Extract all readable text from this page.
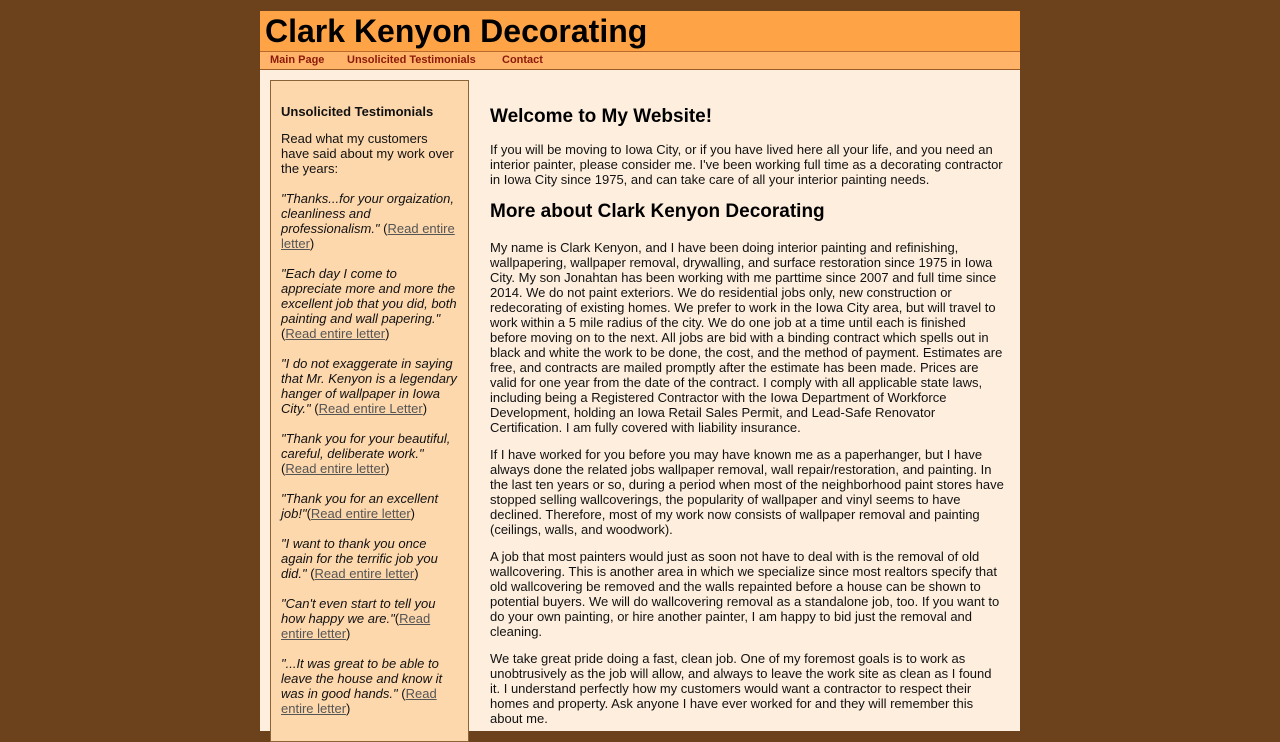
Clark Kenyon Decorating
Main Page Unsolicited Testimonials Contact
Unsolicited Testimonials

Read what my customers have said about my work over the years:

"Thanks...for your orgaization, cleanliness and professionalism." (Read entire letter)

"Each day I come to appreciate more and more the excellent job that you did, both painting and wall papering." (Read entire letter)

"I do not exaggerate in saying that Mr. Kenyon is a legendary hanger of wallpaper in Iowa City." (Read entire Letter)

"Thank you for your beautiful, careful, deliberate work." (Read entire letter)

"Thank you for an excellent job!"(Read entire letter)

"I want to thank you once again for the terrific job you did." (Read entire letter)

"Can't even start to tell you how happy we are."(Read entire letter)

"...It was great to be able to leave the house and know it was in good hands." (Read entire letter)

Welcome to My Website!

If you will be moving to Iowa City, or if you have lived here all your life, and you need an interior painter, please consider me. I've been working full time as a decorating contractor in Iowa City since 1975, and can take care of all your interior painting needs.

More about Clark Kenyon Decorating

My name is Clark Kenyon, and I have been doing interior painting and refinishing, wallpapering, wallpaper removal, drywalling, and surface restoration since 1975 in Iowa City. My son Jonahtan has been working with me parttime since 2007 and full time since 2014. We do not paint exteriors. We do residential jobs only, new construction or redecorating of existing homes. We prefer to work in the Iowa City area, but will travel to work within a 5 mile radius of the city. We do one job at a time until each is finished before moving on to the next. All jobs are bid with a binding contract which spells out in black and white the work to be done, the cost, and the method of payment. Estimates are free, and contracts are mailed promptly after the estimate has been made. Prices are valid for one year from the date of the contract. I comply with all applicable state laws, including being a Registered Contractor with the Iowa Department of Workforce Development, holding an Iowa Retail Sales Permit, and Lead-Safe Renovator Certification. I am fully covered with liability insurance.

If I have worked for you before you may have known me as a paperhanger, but I have always done the related jobs wallpaper removal, wall repair/restoration, and painting. In the last ten years or so, during a period when most of the neighborhood paint stores have stopped selling wallcoverings, the popularity of wallpaper and vinyl seems to have declined. Therefore, most of my work now consists of wallpaper removal and painting (ceilings, walls, and woodwork).

A job that most painters would just as soon not have to deal with is the removal of old wallcovering. This is another area in which we specialize since most realtors specify that old wallcovering be removed and the walls repainted before a house can be shown to potential buyers. We will do wallcovering removal as a standalone job, too. If you want to do your own painting, or hire another painter, I am happy to bid just the removal and cleaning.

We take great pride doing a fast, clean job. One of my foremost goals is to work as unobtrusively as the job will allow, and always to leave the work site as clean as I found it. I understand perfectly how my customers would want a contractor to respect their homes and property. Ask anyone I have ever worked for and they will remember this about me.
